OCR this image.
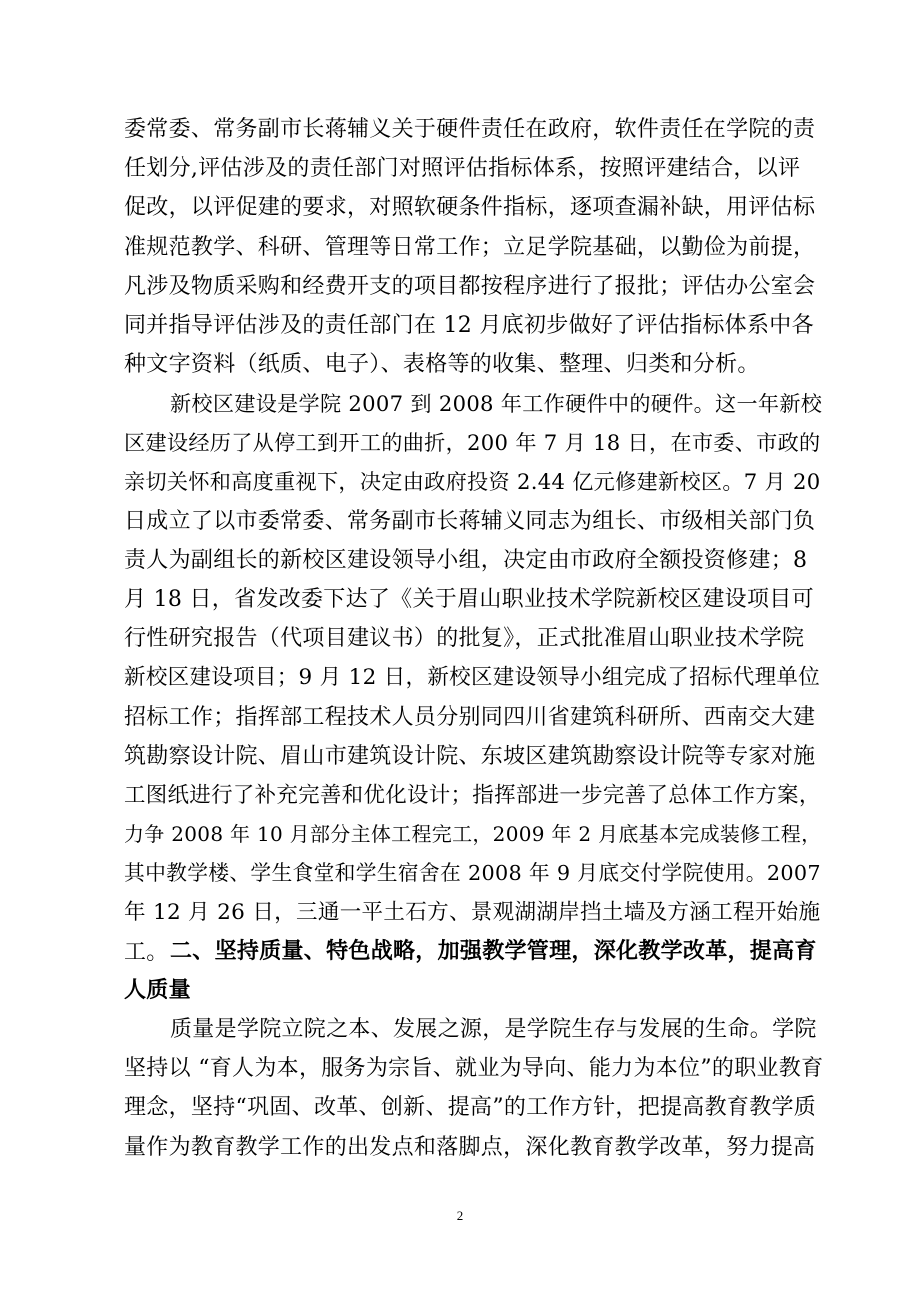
委常委、常务副市长蒋辅义关于硬件责任在政府，软件责任在学院的责
任划分,评估涉及的责任部门对照评估指标体系，按照评建结合，以评
促改，以评促建的要求，对照软硬条件指标，逐项查漏补缺，用评估标
准规范教学、科研、管理等日常工作；立足学院基础，以勤俭为前提，
凡涉及物质采购和经费开支的项目都按程序进行了报批；评估办公室会
同并指导评估涉及的责任部门在 12 月底初步做好了评估指标体系中各
种文字资料（纸质、电子）、表格等的收集、整理、归类和分析。
新校区建设是学院 2007 到 2008 年工作硬件中的硬件。这一年新校
区建设经历了从停工到开工的曲折，200 年 7 月 18 日，在市委、市政的
亲切关怀和高度重视下，决定由政府投资 2.44 亿元修建新校区。7 月 20
日成立了以市委常委、常务副市长蒋辅义同志为组长、市级相关部门负
责人为副组长的新校区建设领导小组，决定由市政府全额投资修建；8
月 18 日，省发改委下达了《关于眉山职业技术学院新校区建设项目可
行性研究报告（代项目建议书）的批复》，正式批准眉山职业技术学院
新校区建设项目；9 月 12 日，新校区建设领导小组完成了招标代理单位
招标工作；指挥部工程技术人员分别同四川省建筑科研所、西南交大建
筑勘察设计院、眉山市建筑设计院、东坡区建筑勘察设计院等专家对施
工图纸进行了补充完善和优化设计；指挥部进一步完善了总体工作方案，
力争 2008 年 10 月部分主体工程完工，2009 年 2 月底基本完成装修工程，
其中教学楼、学生食堂和学生宿舍在 2008 年 9 月底交付学院使用。2007
年 12 月 26 日，三通一平土石方、景观湖湖岸挡土墙及方涵工程开始施
工。 二、坚持质量、特色战略，加强教学管理，深化教学改革，提高育
人质量
质量是学院立院之本、发展之源，是学院生存与发展的生命。学院
坚持以 “育人为本，服务为宗旨、就业为导向、能力为本位”的职业教育
理念，坚持“巩固、改革、创新、提高”的工作方针，把提高教育教学质
量作为教育教学工作的出发点和落脚点，深化教育教学改革，努力提高
2
